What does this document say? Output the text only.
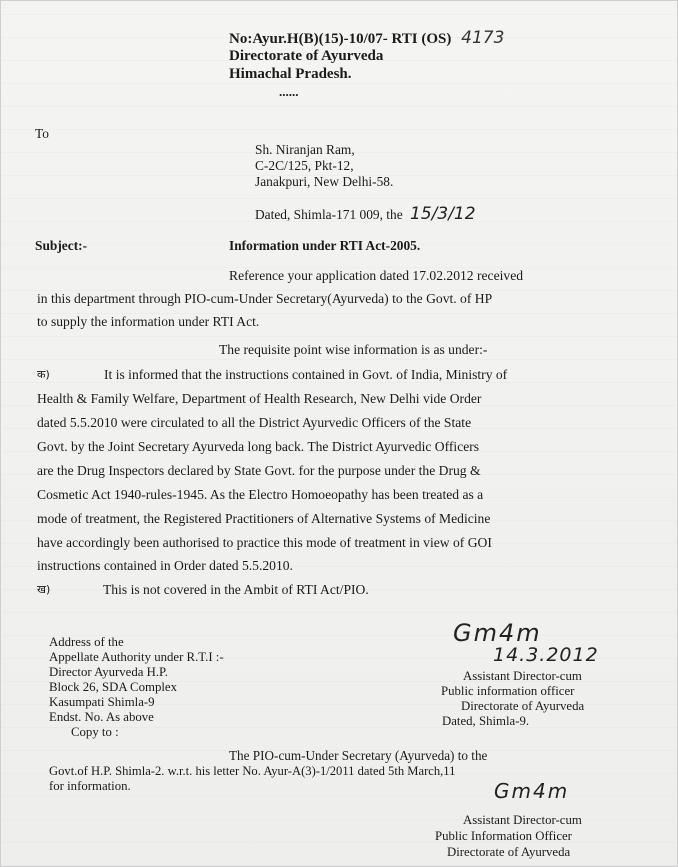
No:Ayur.H(B)(15)-10/07- RTI (OS) 4173
Directorate of Ayurveda
Himachal Pradesh.
......
To
Sh. Niranjan Ram,
C-2C/125, Pkt-12,
Janakpuri, New Delhi-58.
Dated, Shimla-171 009, the 15/3/12
Subject:-	Information under RTI Act-2005.
Reference your application dated 17.02.2012 received
in this department through PIO-cum-Under Secretary(Ayurveda) to the Govt. of HP
to supply the information under RTI Act.
The requisite point wise information is as under:-
क)	It is informed that the instructions contained in Govt. of India, Ministry of
Health & Family Welfare, Department of Health Research, New Delhi vide Order
dated 5.5.2010 were circulated to all the District Ayurvedic Officers of the State
Govt. by the Joint Secretary Ayurveda long back. The District Ayurvedic Officers
are the Drug Inspectors declared by State Govt. for the purpose under the Drug &
Cosmetic Act 1940-rules-1945. As the Electro Homoeopathy has been treated as a
mode of treatment, the Registered Practitioners of Alternative Systems of Medicine
have accordingly been authorised to practice this mode of treatment in view of GOI
instructions contained in Order dated 5.5.2010.
ख)	This is not covered in the Ambit of RTI Act/PIO.
Address of the
Appellate Authority under R.T.I :-
Director Ayurveda H.P.
Block 26, SDA Complex
Kasumpati Shimla-9
Gm4m
14.3.2012
Assistant Director-cum
Public information officer
Directorate of Ayurveda
Dated, Shimla-9.
Endst. No. As above
Copy to :
The PIO-cum-Under Secretary (Ayurveda) to the
Govt.of H.P. Shimla-2. w.r.t. his letter No. Ayur-A(3)-1/2011 dated 5th March,11
for information.	Gm4m
Assistant Director-cum
Public Information Officer
Directorate of Ayurveda
